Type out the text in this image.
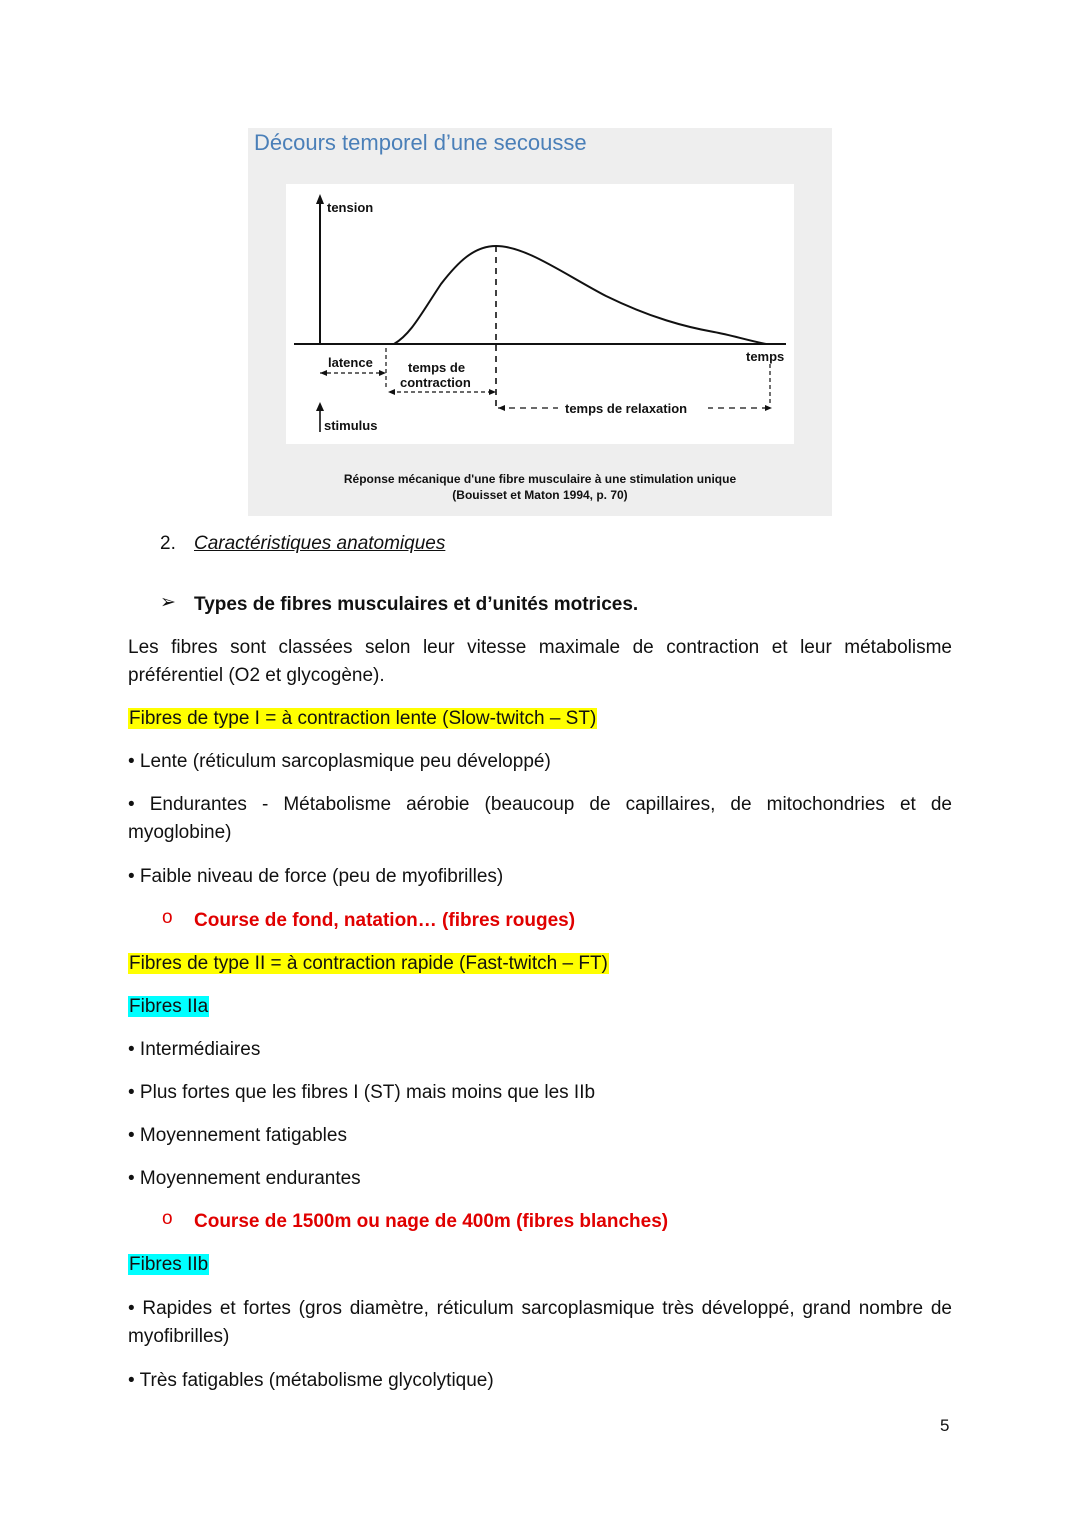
Décours temporel d’une secousse
tension
temps
latence	temps de
contraction
temps de relaxation
stimulus
Réponse mécanique d'une fibre musculaire à une stimulation unique
(Bouisset et Maton 1994, p. 70)
2. Caractéristiques anatomiques
➢ Types de fibres musculaires et d’unités motrices.
Les fibres sont classées selon leur vitesse maximale de contraction et leur métabolisme préférentiel (O2 et glycogène).
Fibres de type I = à contraction lente (Slow-twitch – ST)
• Lente (réticulum sarcoplasmique peu développé)
• Endurantes - Métabolisme aérobie (beaucoup de capillaires, de mitochondries et de myoglobine)
• Faible niveau de force (peu de myofibrilles)
o Course de fond, natation… (fibres rouges)
Fibres de type II = à contraction rapide (Fast-twitch – FT)
Fibres IIa
• Intermédiaires
• Plus fortes que les fibres I (ST) mais moins que les IIb
• Moyennement fatigables
• Moyennement endurantes
o Course de 1500m ou nage de 400m (fibres blanches)
Fibres IIb
• Rapides et fortes (gros diamètre, réticulum sarcoplasmique très développé, grand nombre de myofibrilles)
• Très fatigables (métabolisme glycolytique)
5
